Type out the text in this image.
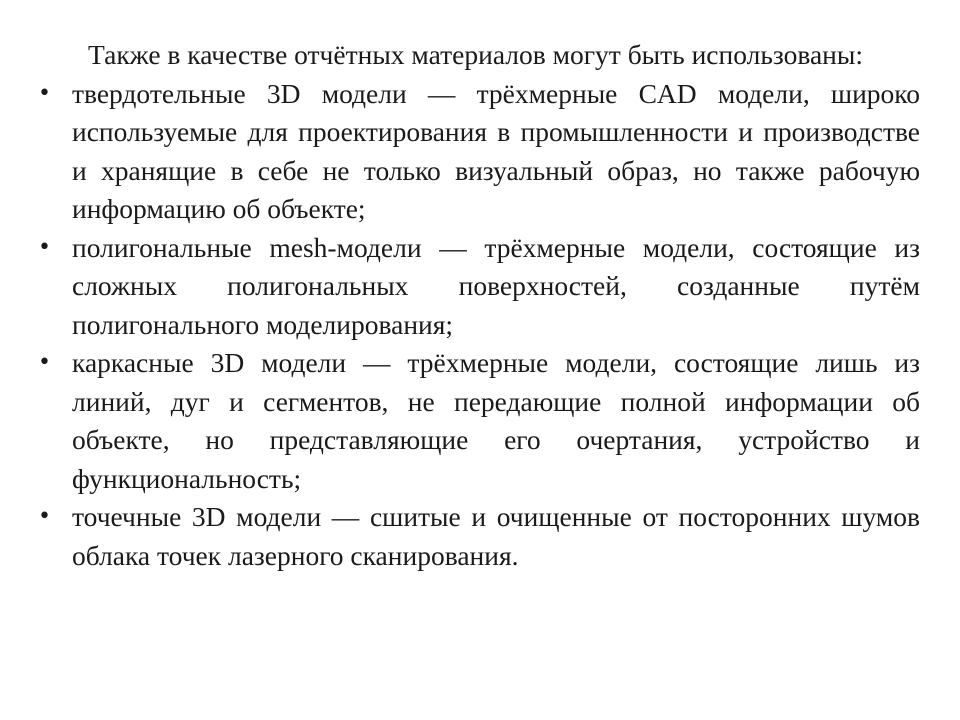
Также в качестве отчётных материалов могут быть использованы:

• твердотельные 3D модели — трёхмерные CAD модели, широко используемые для проектирования в промышленности и производстве и хранящие в себе не только визуальный образ, но также рабочую информацию об объекте;
• полигональные mesh-модели — трёхмерные модели, состоящие из сложных полигональных поверхностей, созданные путём полигонального моделирования;
• каркасные 3D модели — трёхмерные модели, состоящие лишь из линий, дуг и сегментов, не передающие полной информации об объекте, но представляющие его очертания, устройство и функциональность;
• точечные 3D модели — сшитые и очищенные от посторонних шумов облака точек лазерного сканирования.
